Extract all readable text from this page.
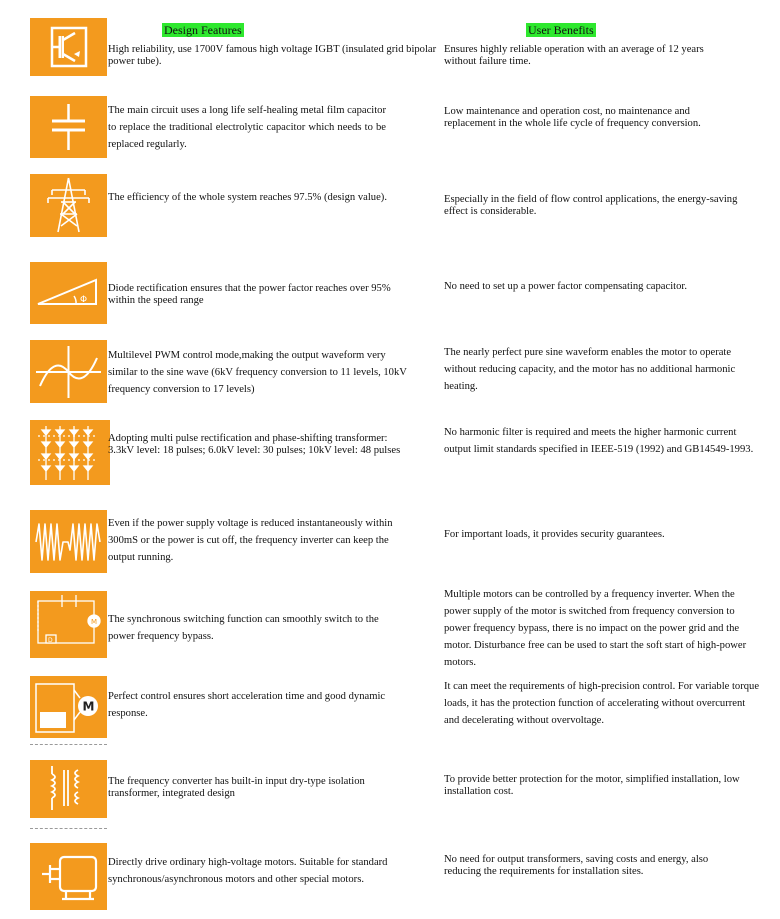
Design Features	User Benefits
High reliability, use 1700V famous high voltage IGBT (insulated grid bipolar power tube).
Ensures highly reliable operation with an average of 12 years without failure time.
The main circuit uses a long life self-healing metal film capacitor to replace the traditional electrolytic capacitor which needs to be replaced regularly.
Low maintenance and operation cost, no maintenance and replacement in the whole life cycle of frequency conversion.
The efficiency of the whole system reaches 97.5% (design value).	Especially in the field of flow control applications, the energy-saving effect is considerable.
Φ
Diode rectification ensures that the power factor reaches over 95% within the speed range
No need to set up a power factor compensating capacitor.
Multilevel PWM control mode,making the output waveform very similar to the sine wave (6kV frequency conversion to 11 levels, 10kV frequency conversion to 17 levels)
The nearly perfect pure sine waveform enables the motor to operate without reducing capacity, and the motor has no additional harmonic heating.
Adopting multi pulse rectification and phase-shifting transformer:
3.3kV level: 18 pulses; 6.0kV level: 30 pulses; 10kV level: 48 pulses
No harmonic filter is required and meets the higher harmonic current output limit standards specified in IEEE-519 (1992) and GB14549-1993.
Even if the power supply voltage is reduced instantaneously within 300mS or the power is cut off, the frequency inverter can keep the output running.
For important loads, it provides security guarantees.
M
D
The synchronous switching function can smoothly switch to the power frequency bypass.
Multiple motors can be controlled by a frequency inverter. When the power supply of the motor is switched from frequency conversion to power frequency bypass, there is no impact on the power grid and the motor. Disturbance free can be used to start the soft start of high-power motors.
M
Perfect control ensures short acceleration time and good dynamic response.
It can meet the requirements of high-precision control. For variable torque loads, it has the protection function of accelerating without overcurrent and decelerating without overvoltage.
The frequency converter has built-in input dry-type isolation transformer, integrated design
To provide better protection for the motor, simplified installation, low installation cost.
Directly drive ordinary high-voltage motors. Suitable for standard synchronous/asynchronous motors and other special motors.
No need for output transformers, saving costs and energy, also reducing the requirements for installation sites.
